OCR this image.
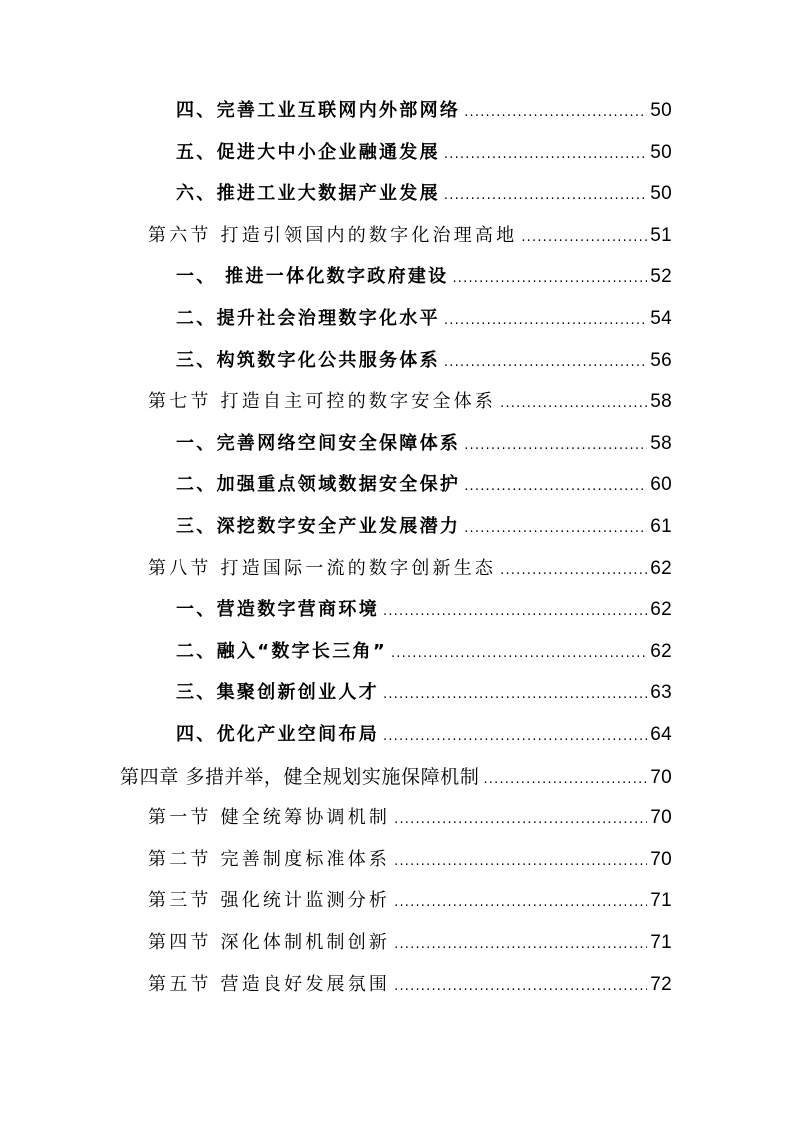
四、完善工业互联网内外部网络 .....	50
五、促进大中小企业融通发展 .....	50
六、推进工业大数据产业发展 .....	50
第六节 打造引领国内的数字化治理高地 .....	51
一、 推进一体化数字政府建设 .....	52
二、提升社会治理数字化水平 .....	54
三、构筑数字化公共服务体系 .....	56
第七节 打造自主可控的数字安全体系 .....	58
一、完善网络空间安全保障体系 .....	58
二、加强重点领域数据安全保护 .....	60
三、深挖数字安全产业发展潜力 .....	61
第八节 打造国际一流的数字创新生态 .....	62
一、营造数字营商环境 .....	62
二、融入“数字长三角” .....	62
三、集聚创新创业人才 .....	63
四、优化产业空间布局 .....	64
第四章 多措并举，健全规划实施保障机制 .....	70
第一节 健全统筹协调机制 .....	70
第二节 完善制度标准体系 .....	70
第三节 强化统计监测分析 .....	71
第四节 深化体制机制创新 .....	71
第五节 营造良好发展氛围 .....	72
